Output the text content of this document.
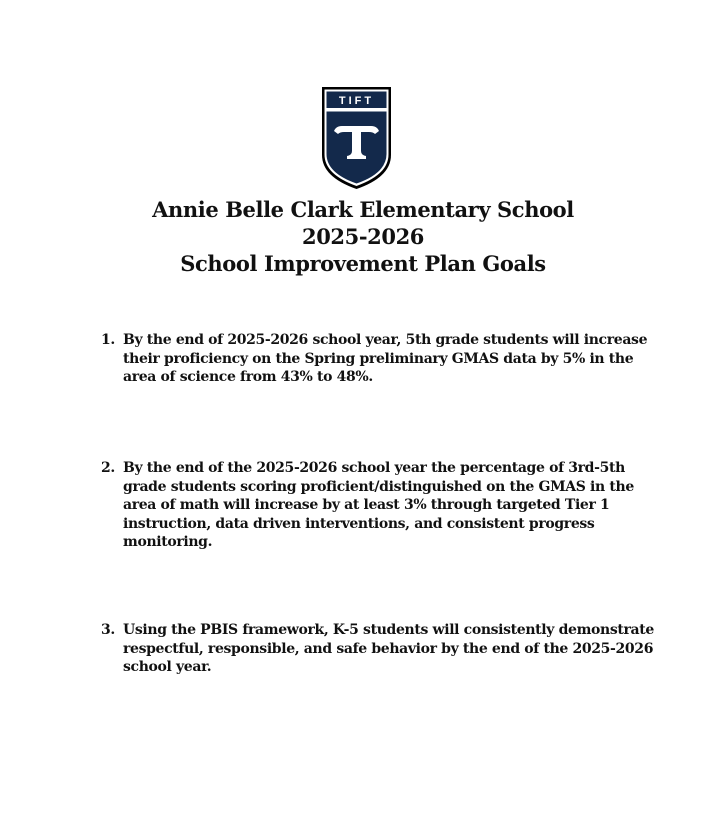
TIFT
Annie Belle Clark Elementary School
2025-2026
School Improvement Plan Goals
1. By the end of 2025-2026 school year, 5th grade students will increase their proficiency on the Spring preliminary GMAS data by 5% in the area of science from 43% to 48%.
2. By the end of the 2025-2026 school year the percentage of 3rd-5th grade students scoring proficient/distinguished on the GMAS in the area of math will increase by at least 3% through targeted Tier 1 instruction, data driven interventions, and consistent progress monitoring.
3. Using the PBIS framework, K-5 students will consistently demonstrate respectful, responsible, and safe behavior by the end of the 2025-2026 school year.
